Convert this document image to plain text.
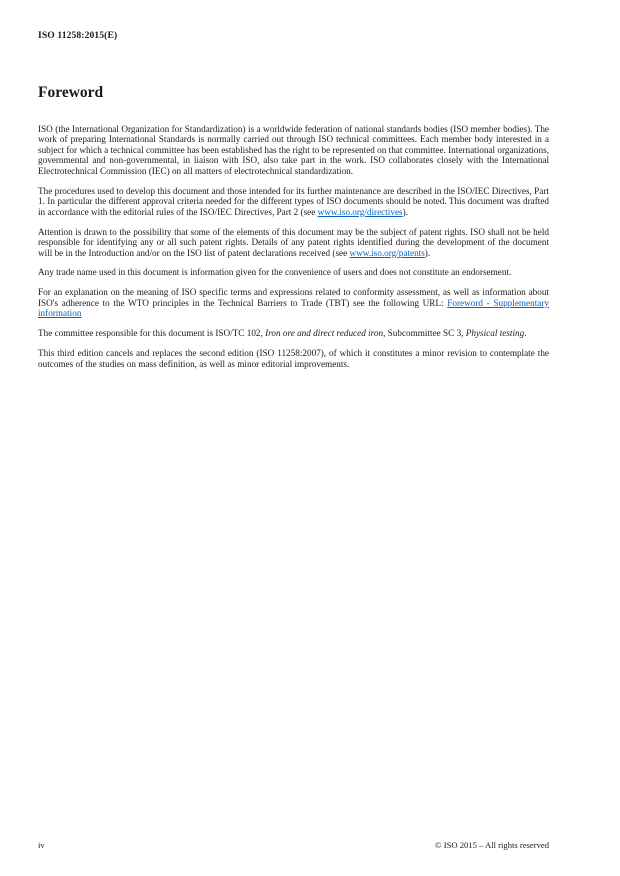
ISO 11258:2015(E)
Foreword

ISO (the International Organization for Standardization) is a worldwide federation of national standards bodies (ISO member bodies). The work of preparing International Standards is normally carried out through ISO technical committees. Each member body interested in a subject for which a technical committee has been established has the right to be represented on that committee. International organizations, governmental and non-governmental, in liaison with ISO, also take part in the work. ISO collaborates closely with the International Electrotechnical Commission (IEC) on all matters of electrotechnical standardization.

The procedures used to develop this document and those intended for its further maintenance are described in the ISO/IEC Directives, Part 1. In particular the different approval criteria needed for the different types of ISO documents should be noted. This document was drafted in accordance with the editorial rules of the ISO/IEC Directives, Part 2 (see www.iso.org/directives).

Attention is drawn to the possibility that some of the elements of this document may be the subject of patent rights. ISO shall not be held responsible for identifying any or all such patent rights. Details of any patent rights identified during the development of the document will be in the Introduction and/or on the ISO list of patent declarations received (see www.iso.org/patents).

Any trade name used in this document is information given for the convenience of users and does not constitute an endorsement.

For an explanation on the meaning of ISO specific terms and expressions related to conformity assessment, as well as information about ISO's adherence to the WTO principles in the Technical Barriers to Trade (TBT) see the following URL: Foreword - Supplementary information

The committee responsible for this document is ISO/TC 102, Iron ore and direct reduced iron, Subcommittee SC 3, Physical testing.

This third edition cancels and replaces the second edition (ISO 11258:2007), of which it constitutes a minor revision to contemplate the outcomes of the studies on mass definition, as well as minor editorial improvements.

iv	© ISO 2015 – All rights reserved
